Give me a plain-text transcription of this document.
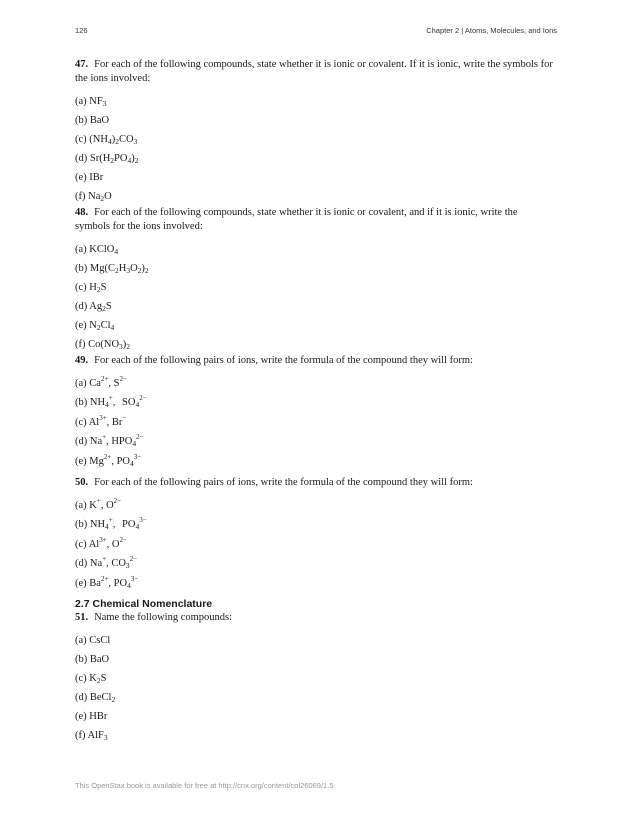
126	Chapter 2 | Atoms, Molecules, and Ions
47. For each of the following compounds, state whether it is ionic or covalent. If it is ionic, write the symbols for the ions involved:
(a) $NF_3$
(b) BaO
(c) $(NH_4)_2CO_3$
(d) $Sr(H_2PO_4)_2$
(e) IBr
(f) $Na_2O$
48. For each of the following compounds, state whether it is ionic or covalent, and if it is ionic, write the symbols for the ions involved:
(a) KClO$_4$
(b) $Mg(C_2H_3O_2)_2$
(c) $H_2S$
(d) $Ag_2S$
(e) $N_2Cl_4$
(f) $Co(NO_3)_2$
49. For each of the following pairs of ions, write the formula of the compound they will form:
(a) $Ca^{2+}$, $S^{2-}$
(b) $NH_4^+$, $SO_4^{2-}$
(c) $Al^{3+}$, Br−
(d) Na+, $HPO_4^{2-}$
(e) $Mg^{2+}$, $PO_4^{3-}$
50. For each of the following pairs of ions, write the formula of the compound they will form:
(a) K+, $O^{2-}$
(b) $NH_4^+$, $PO_4^{3-}$
(c) $Al^{3+}$, $O^{2-}$
(d) Na+, $CO_3^{2-}$
(e) $Ba^{2+}$, $PO_4^{3-}$
2.7 Chemical Nomenclature
51. Name the following compounds:
(a) CsCl
(b) BaO
(c) $K_2S$
(d) BeCl$_2$
(e) HBr
(f) AlF$_3$
This OpenStax book is available for free at http://cnx.org/content/col26069/1.5
